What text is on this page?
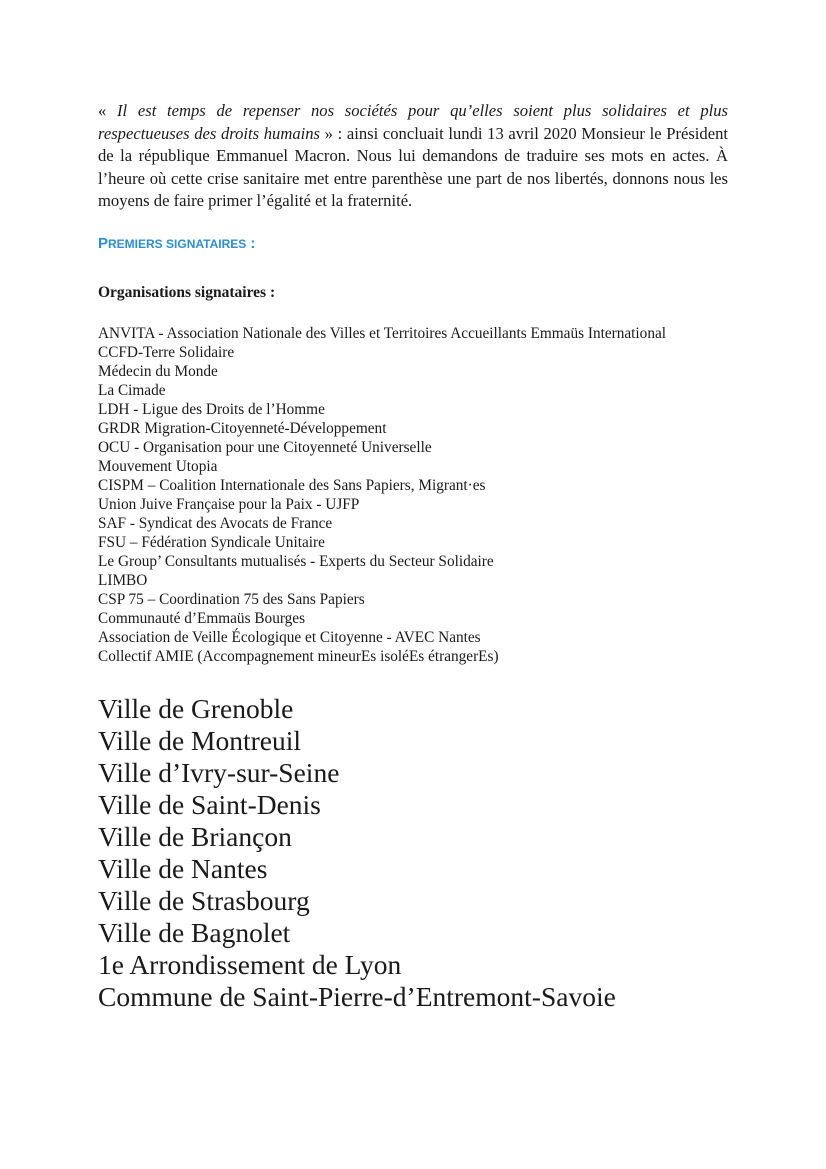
« Il est temps de repenser nos sociétés pour qu’elles soient plus solidaires et plus respectueuses des droits humains » : ainsi concluait lundi 13 avril 2020 Monsieur le Président de la république Emmanuel Macron. Nous lui demandons de traduire ses mots en actes. À l’heure où cette crise sanitaire met entre parenthèse une part de nos libertés, donnons nous les moyens de faire primer l’égalité et la fraternité.

PREMIERS SIGNATAIRES :
Organisations signataires :
ANVITA - Association Nationale des Villes et Territoires Accueillants Emmaüs International
CCFD-Terre Solidaire
Médecin du Monde
La Cimade
LDH - Ligue des Droits de l’Homme
GRDR Migration-Citoyenneté-Développement
OCU - Organisation pour une Citoyenneté Universelle
Mouvement Utopia
CISPM – Coalition Internationale des Sans Papiers, Migrant·es
Union Juive Française pour la Paix - UJFP
SAF - Syndicat des Avocats de France
FSU – Fédération Syndicale Unitaire
Le Group’ Consultants mutualisés - Experts du Secteur Solidaire
LIMBO
CSP 75 – Coordination 75 des Sans Papiers
Communauté d’Emmaüs Bourges
Association de Veille Écologique et Citoyenne - AVEC Nantes
Collectif AMIE (Accompagnement mineurEs isoléEs étrangerEs)
Ville de Grenoble
Ville de Montreuil
Ville d’Ivry-sur-Seine
Ville de Saint-Denis
Ville de Briançon
Ville de Nantes
Ville de Strasbourg
Ville de Bagnolet
1e Arrondissement de Lyon
Commune de Saint-Pierre-d’Entremont-Savoie
